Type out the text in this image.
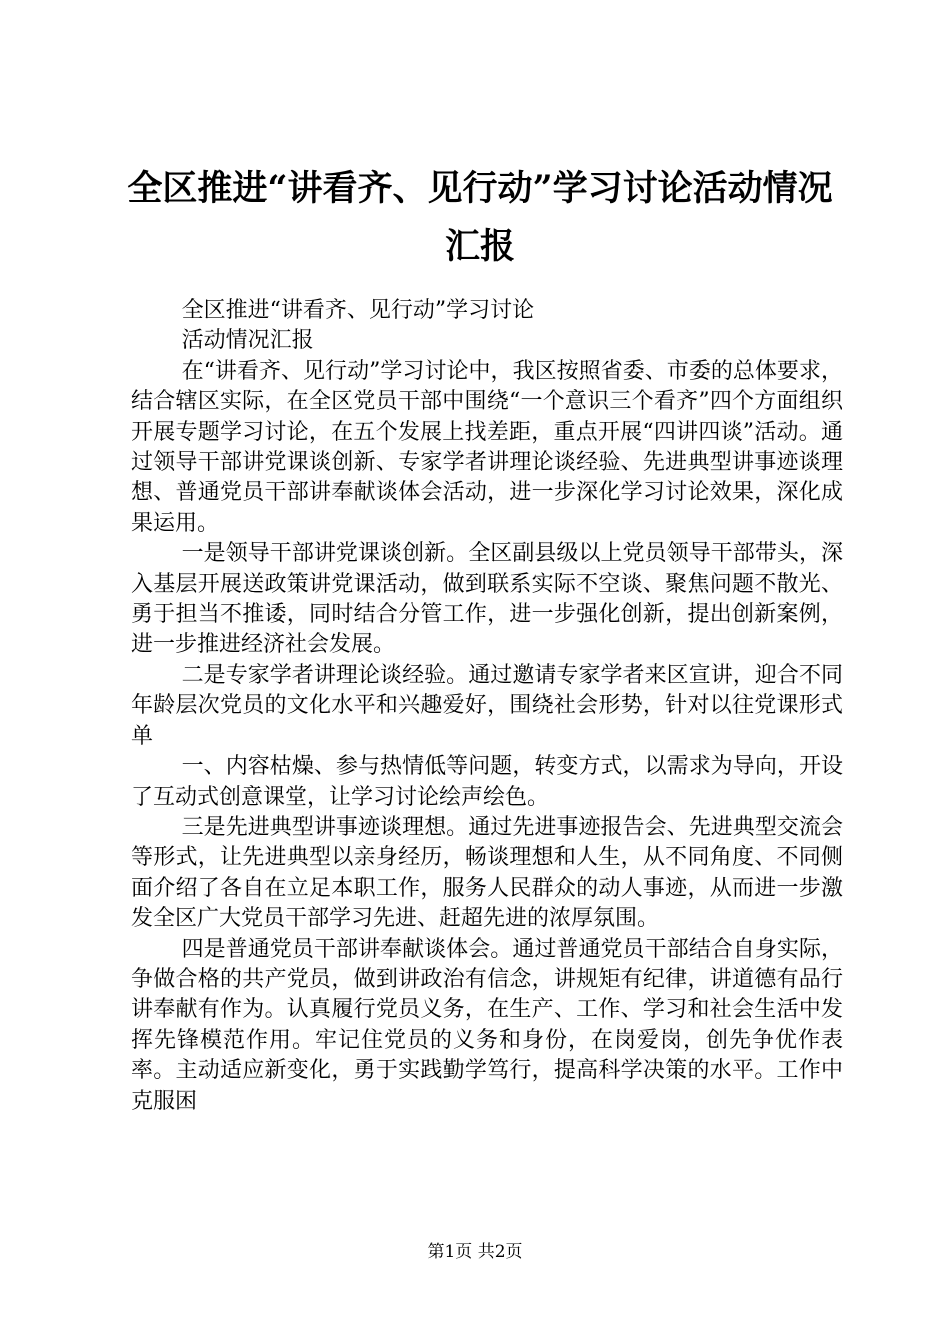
全区推进“讲看齐、见行动”学习讨论活动情况汇报

全区推进“讲看齐、见行动”学习讨论

活动情况汇报

在“讲看齐、见行动”学习讨论中，我区按照省委、市委的总体要求，结合辖区实际，在全区党员干部中围绕“一个意识三个看齐”四个方面组织开展专题学习讨论，在五个发展上找差距，重点开展“四讲四谈”活动。通过领导干部讲党课谈创新、专家学者讲理论谈经验、先进典型讲事迹谈理想、普通党员干部讲奉献谈体会活动，进一步深化学习讨论效果，深化成果运用。

一是领导干部讲党课谈创新。全区副县级以上党员领导干部带头，深入基层开展送政策讲党课活动，做到联系实际不空谈、聚焦问题不散光、勇于担当不推诿，同时结合分管工作，进一步强化创新，提出创新案例，进一步推进经济社会发展。

二是专家学者讲理论谈经验。通过邀请专家学者来区宣讲，迎合不同年龄层次党员的文化水平和兴趣爱好，围绕社会形势，针对以往党课形式单

一、内容枯燥、参与热情低等问题，转变方式，以需求为导向，开设了互动式创意课堂，让学习讨论绘声绘色。

三是先进典型讲事迹谈理想。通过先进事迹报告会、先进典型交流会等形式，让先进典型以亲身经历，畅谈理想和人生，从不同角度、不同侧面介绍了各自在立足本职工作，服务人民群众的动人事迹，从而进一步激发全区广大党员干部学习先进、赶超先进的浓厚氛围。

四是普通党员干部讲奉献谈体会。通过普通党员干部结合自身实际，争做合格的共产党员，做到讲政治有信念，讲规矩有纪律，讲道德有品行讲奉献有作为。认真履行党员义务，在生产、工作、学习和社会生活中发挥先锋模范作用。牢记住党员的义务和身份，在岗爱岗，创先争优作表率。主动适应新变化，勇于实践勤学笃行，提高科学决策的水平。工作中克服困

第1页 共2页
